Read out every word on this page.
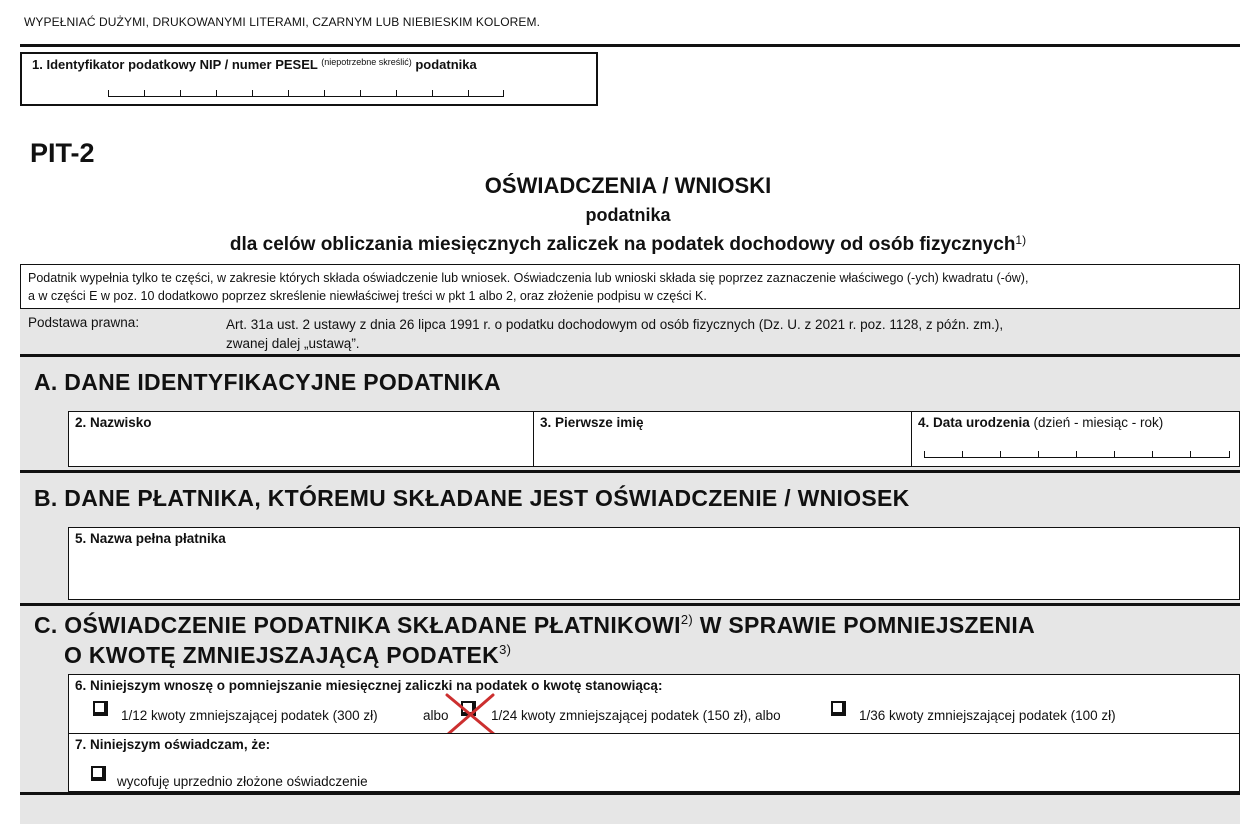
WYPEŁNIAĆ DUŻYMI, DRUKOWANYMI LITERAMI, CZARNYM LUB NIEBIESKIM KOLOREM.
1. Identyfikator podatkowy NIP / numer PESEL $^{(niepotrzebne skreślić)}$ podatnika
PIT-2
OŚWIADCZENIA / WNIOSKI
podatnika
dla celów obliczania miesięcznych zaliczek na podatek dochodowy od osób fizycznych$^{1)}$
Podatnik wypełnia tylko te części, w zakresie których składa oświadczenie lub wniosek. Oświadczenia lub wnioski składa się poprzez zaznaczenie właściwego (-ych) kwadratu (-ów),
a w części E w poz. 10 dodatkowo poprzez skreślenie niewłaściwej treści w pkt 1 albo 2, oraz złożenie podpisu w części K.
Podstawa prawna:	Art. 31a ust. 2 ustawy z dnia 26 lipca 1991 r. o podatku dochodowym od osób fizycznych (Dz. U. z 2021 r. poz. 1128, z późn. zm.),
zwanej dalej „ustawą”.
A. DANE IDENTYFIKACYJNE PODATNIKA
2. Nazwisko	3. Pierwsze imię	4. Data urodzenia (dzień - miesiąc - rok)
B. DANE PŁATNIKA, KTÓREMU SKŁADANE JEST OŚWIADCZENIE / WNIOSEK
5. Nazwa pełna płatnika
C. OŚWIADCZENIE PODATNIKA SKŁADANE PŁATNIKOWI$^{2)}$ W SPRAWIE POMNIEJSZENIA
O KWOTĘ ZMNIEJSZAJĄCĄ PODATEK$^{3)}$
6. Niniejszym wnoszę o pomniejszanie miesięcznej zaliczki na podatek o kwotę stanowiącą:
1/12 kwoty zmniejszającej podatek (300 zł)	albo	1/24 kwoty zmniejszającej podatek (150 zł), albo	1/36 kwoty zmniejszającej podatek (100 zł)
7. Niniejszym oświadczam, że:
wycofuję uprzednio złożone oświadczenie
